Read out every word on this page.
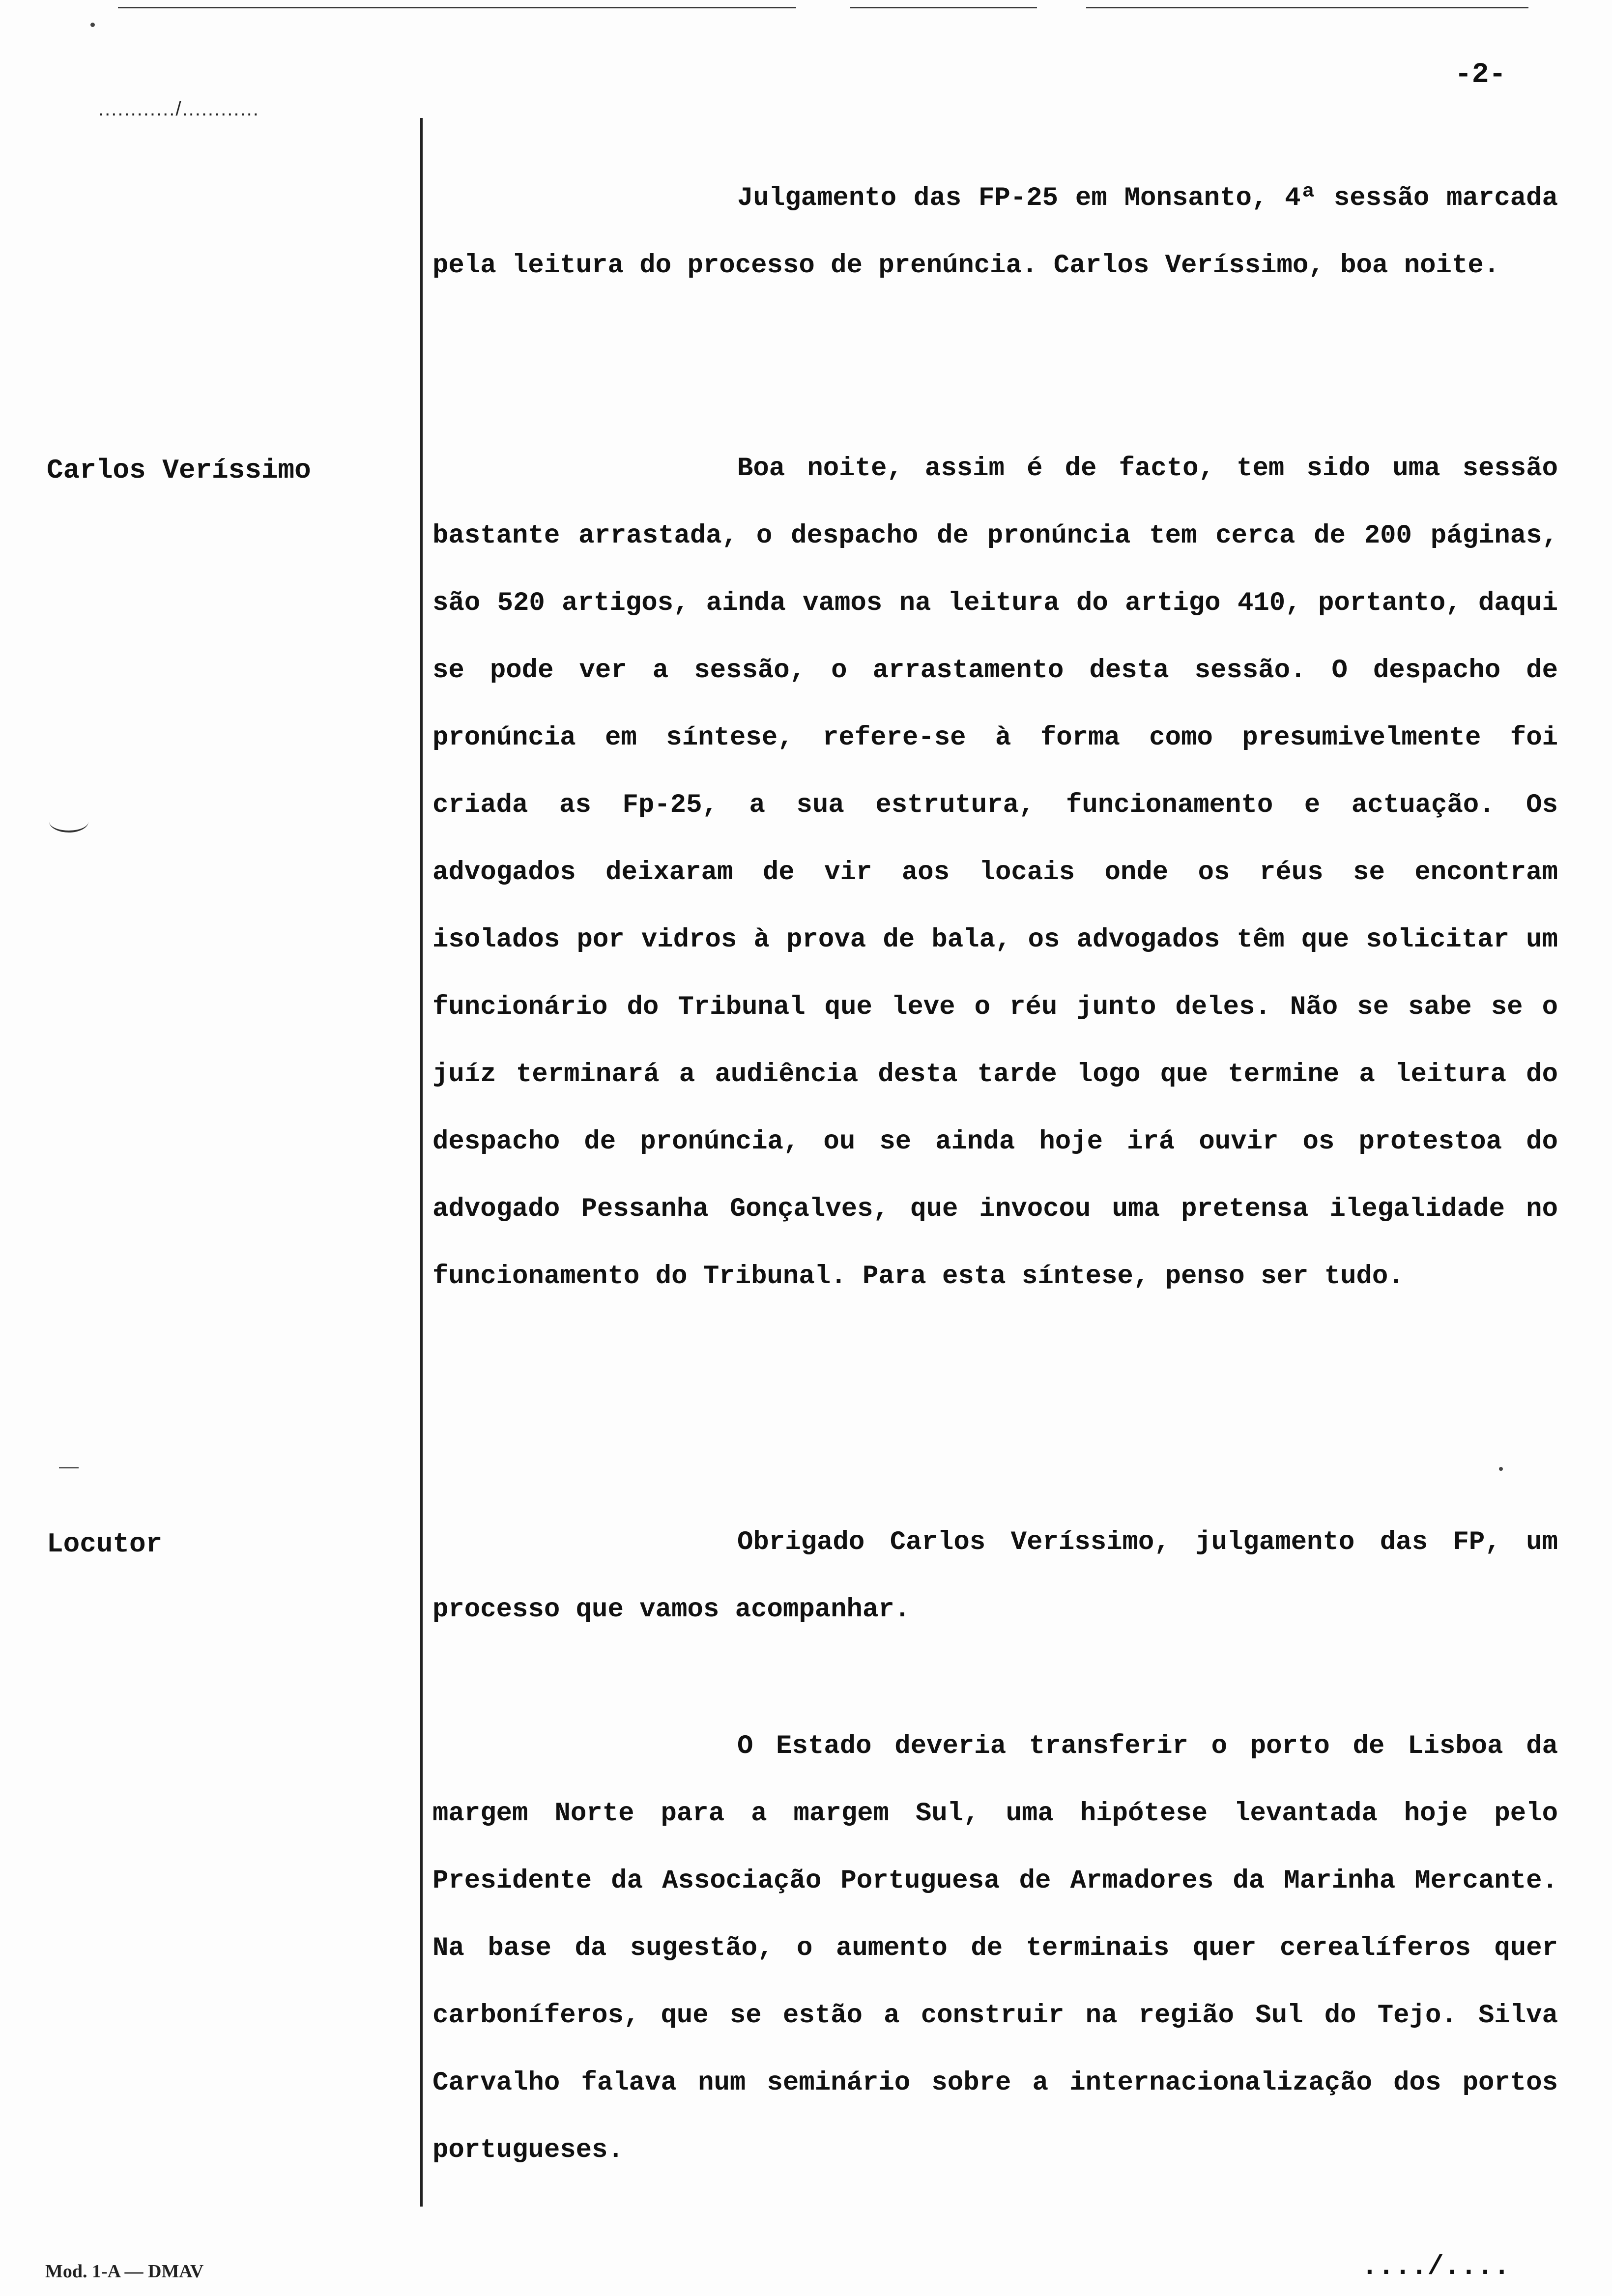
............/............
-2-
Carlos Veríssimo
Locutor

Julgamento das FP-25 em Monsanto, 4ª sessão marcada pela leitura do processo de prenúncia. Carlos Veríssimo, boa noite.

Boa noite, assim é de facto, tem sido uma sessão bastante arrastada, o despacho de pronúncia tem cerca de 200 páginas, são 520 artigos, ainda vamos na leitura do artigo 410, portanto, daqui se pode ver a sessão, o arrastamento desta sessão. O despacho de pronúncia em síntese, refere-se à forma como presumivelmente foi criada as Fp-25, a sua estrutura, funcionamento e actuação. Os advogados deixaram de vir aos locais onde os réus se encontram isolados por vidros à prova de bala, os advogados têm que solicitar um funcionário do Tribunal que leve o réu junto deles. Não se sabe se o juíz terminará a audiência desta tarde logo que termine a leitura do despacho de pronúncia, ou se ainda hoje irá ouvir os protestoa do advogado Pessanha Gonçalves, que invocou uma pretensa ilegalidade no funcionamento do Tribunal. Para esta síntese, penso ser tudo.

Obrigado Carlos Veríssimo, julgamento das FP, um processo que vamos acompanhar.

O Estado deveria transferir o porto de Lisboa da margem Norte para a margem Sul, uma hipótese levantada hoje pelo Presidente da Associação Portuguesa de Armadores da Marinha Mercante. Na base da sugestão, o aumento de terminais quer cerealíferos quer carboníferos, que se estão a construir na região Sul do Tejo. Silva Carvalho falava num seminário sobre a internacionalização dos portos portugueses.

Mod. 1-A — DMAV	..../....
